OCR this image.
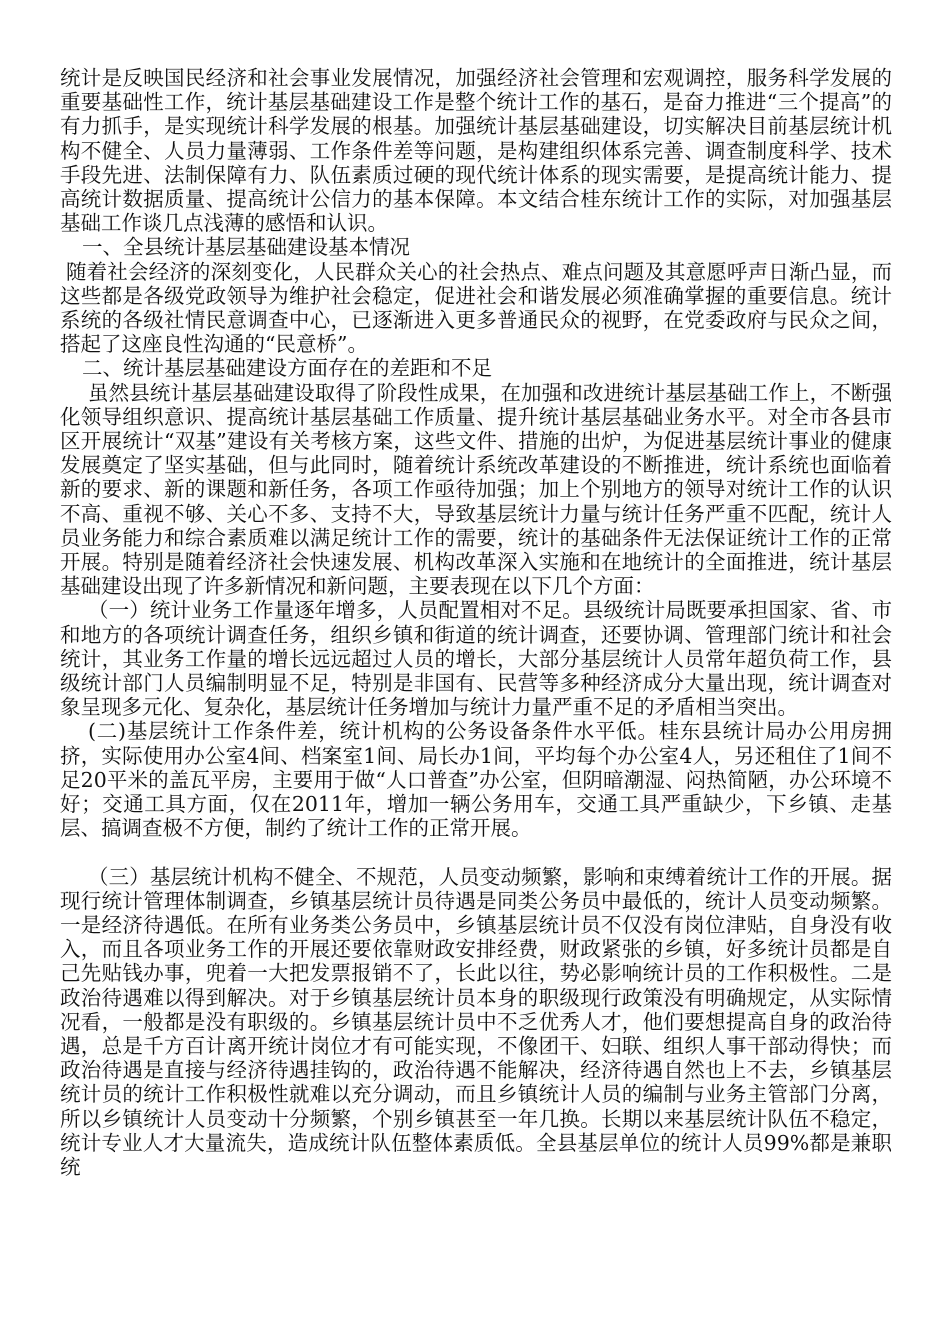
统计是反映国民经济和社会事业发展情况，加强经济社会管理和宏观调控，服务科学发展的重要基础性工作，统计基层基础建设工作是整个统计工作的基石，是奋力推进“三个提高”的有力抓手，是实现统计科学发展的根基。加强统计基层基础建设，切实解决目前基层统计机构不健全、人员力量薄弱、工作条件差等问题，是构建组织体系完善、调查制度科学、技术手段先进、法制保障有力、队伍素质过硬的现代统计体系的现实需要，是提高统计能力、提高统计数据质量、提高统计公信力的基本保障。本文结合桂东统计工作的实际，对加强基层基础工作谈几点浅薄的感悟和认识。

一、全县统计基层基础建设基本情况

随着社会经济的深刻变化，人民群众关心的社会热点、难点问题及其意愿呼声日渐凸显，而这些都是各级党政领导为维护社会稳定，促进社会和谐发展必须准确掌握的重要信息。统计系统的各级社情民意调查中心，已逐渐进入更多普通民众的视野，在党委政府与民众之间，搭起了这座良性沟通的“民意桥”。

二、统计基层基础建设方面存在的差距和不足

虽然县统计基层基础建设取得了阶段性成果，在加强和改进统计基层基础工作上，不断强化领导组织意识、提高统计基层基础工作质量、提升统计基层基础业务水平。对全市各县市区开展统计“双基”建设有关考核方案，这些文件、措施的出炉，为促进基层统计事业的健康发展奠定了坚实基础，但与此同时，随着统计系统改革建设的不断推进，统计系统也面临着新的要求、新的课题和新任务，各项工作亟待加强；加上个别地方的领导对统计工作的认识不高、重视不够、关心不多、支持不大，导致基层统计力量与统计任务严重不匹配，统计人员业务能力和综合素质难以满足统计工作的需要，统计的基础条件无法保证统计工作的正常开展。特别是随着经济社会快速发展、机构改革深入实施和在地统计的全面推进，统计基层基础建设出现了许多新情况和新问题，主要表现在以下几个方面：

（一）统计业务工作量逐年增多，人员配置相对不足。县级统计局既要承担国家、省、市和地方的各项统计调查任务，组织乡镇和街道的统计调查，还要协调、管理部门统计和社会统计，其业务工作量的增长远远超过人员的增长，大部分基层统计人员常年超负荷工作，县级统计部门人员编制明显不足，特别是非国有、民营等多种经济成分大量出现，统计调查对象呈现多元化、复杂化，基层统计任务增加与统计力量严重不足的矛盾相当突出。

(二)基层统计工作条件差，统计机构的公务设备条件水平低。桂东县统计局办公用房拥挤，实际使用办公室4间、档案室1间、局长办1间，平均每个办公室4人，另还租住了1间不足20平米的盖瓦平房，主要用于做“人口普查”办公室，但阴暗潮湿、闷热简陋，办公环境不好；交通工具方面，仅在2011年，增加一辆公务用车，交通工具严重缺少，下乡镇、走基层、搞调查极不方便，制约了统计工作的正常开展。

（三）基层统计机构不健全、不规范，人员变动频繁，影响和束缚着统计工作的开展。据现行统计管理体制调查，乡镇基层统计员待遇是同类公务员中最低的，统计人员变动频繁。一是经济待遇低。在所有业务类公务员中，乡镇基层统计员不仅没有岗位津贴，自身没有收入，而且各项业务工作的开展还要依靠财政安排经费，财政紧张的乡镇，好多统计员都是自己先贴钱办事，兜着一大把发票报销不了，长此以往，势必影响统计员的工作积极性。二是政治待遇难以得到解决。对于乡镇基层统计员本身的职级现行政策没有明确规定，从实际情况看，一般都是没有职级的。乡镇基层统计员中不乏优秀人才，他们要想提高自身的政治待遇，总是千方百计离开统计岗位才有可能实现，不像团干、妇联、组织人事干部动得快；而政治待遇是直接与经济待遇挂钩的，政治待遇不能解决，经济待遇自然也上不去，乡镇基层统计员的统计工作积极性就难以充分调动，而且乡镇统计人员的编制与业务主管部门分离，所以乡镇统计人员变动十分频繁，个别乡镇甚至一年几换。长期以来基层统计队伍不稳定，统计专业人才大量流失，造成统计队伍整体素质低。全县基层单位的统计人员99%都是兼职统
